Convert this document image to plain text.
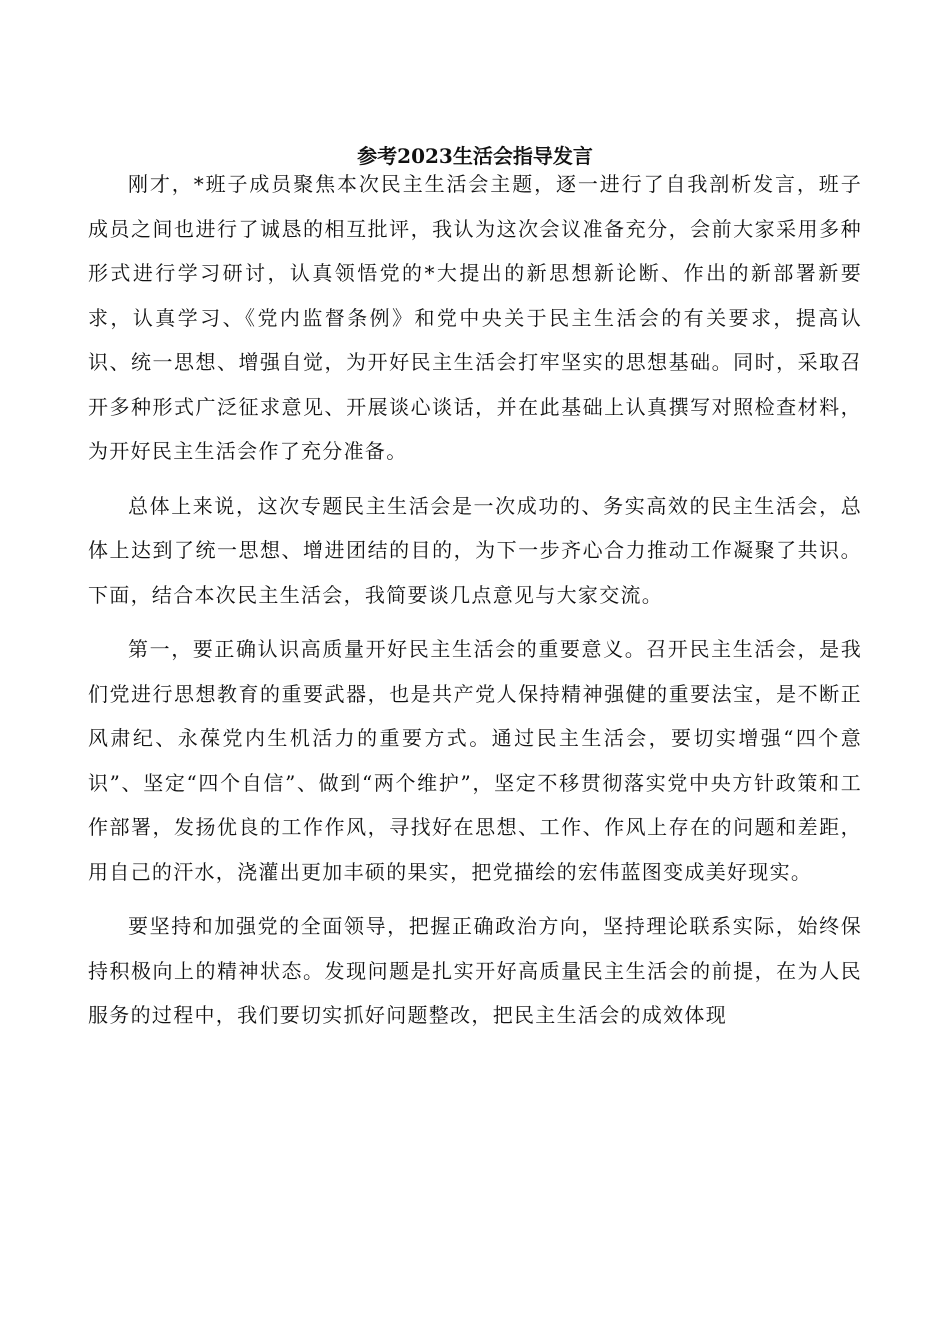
参考2023生活会指导发言

刚才，*班子成员聚焦本次民主生活会主题，逐一进行了自我剖析发言，班子成员之间也进行了诚恳的相互批评，我认为这次会议准备充分，会前大家采用多种形式进行学习研讨，认真领悟党的*大提出的新思想新论断、作出的新部署新要求，认真学习、《党内监督条例》和党中央关于民主生活会的有关要求，提高认识、统一思想、增强自觉，为开好民主生活会打牢坚实的思想基础。同时，采取召开多种形式广泛征求意见、开展谈心谈话，并在此基础上认真撰写对照检查材料，为开好民主生活会作了充分准备。

总体上来说，这次专题民主生活会是一次成功的、务实高效的民主生活会，总体上达到了统一思想、增进团结的目的，为下一步齐心合力推动工作凝聚了共识。下面，结合本次民主生活会，我简要谈几点意见与大家交流。

第一，要正确认识高质量开好民主生活会的重要意义。召开民主生活会，是我们党进行思想教育的重要武器，也是共产党人保持精神强健的重要法宝，是不断正风肃纪、永葆党内生机活力的重要方式。通过民主生活会，要切实增强“四个意识”、坚定“四个自信”、做到“两个维护”，坚定不移贯彻落实党中央方针政策和工作部署，发扬优良的工作作风，寻找好在思想、工作、作风上存在的问题和差距，用自己的汗水，浇灌出更加丰硕的果实，把党描绘的宏伟蓝图变成美好现实。

要坚持和加强党的全面领导，把握正确政治方向，坚持理论联系实际，始终保持积极向上的精神状态。发现问题是扎实开好高质量民主生活会的前提，在为人民服务的过程中，我们要切实抓好问题整改，把民主生活会的成效体现
